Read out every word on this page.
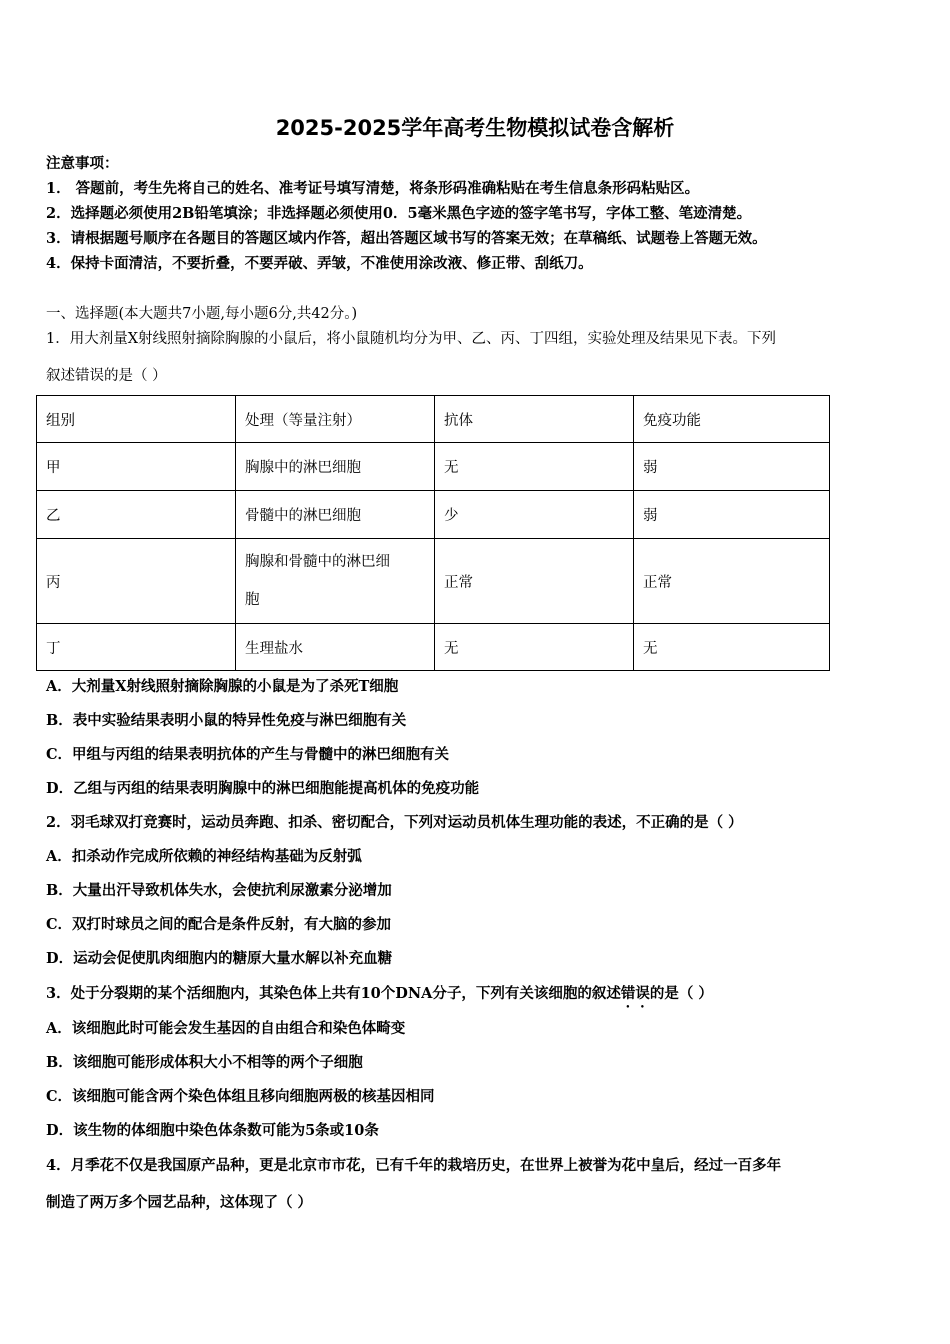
2025-2025学年高考生物模拟试卷含解析
注意事项：
1． 答题前，考生先将自己的姓名、准考证号填写清楚，将条形码准确粘贴在考生信息条形码粘贴区。
2．选择题必须使用2B铅笔填涂；非选择题必须使用0．5毫米黑色字迹的签字笔书写，字体工整、笔迹清楚。
3．请根据题号顺序在各题目的答题区域内作答，超出答题区域书写的答案无效；在草稿纸、试题卷上答题无效。
4．保持卡面清洁，不要折叠，不要弄破、弄皱，不准使用涂改液、修正带、刮纸刀。
一、选择题(本大题共7小题,每小题6分,共42分。)
1．用大剂量X射线照射摘除胸腺的小鼠后，将小鼠随机均分为甲、乙、丙、丁四组，实验处理及结果见下表。下列
叙述错误的是（ ）
组别	处理（等量注射）	抗体	免疫功能
甲	胸腺中的淋巴细胞	无	弱
乙	骨髓中的淋巴细胞	少	弱
丙	胸腺和骨髓中的淋巴细
胞	正常	正常
丁	生理盐水	无	无
A．大剂量X射线照射摘除胸腺的小鼠是为了杀死T细胞
B．表中实验结果表明小鼠的特异性免疫与淋巴细胞有关
C．甲组与丙组的结果表明抗体的产生与骨髓中的淋巴细胞有关
D．乙组与丙组的结果表明胸腺中的淋巴细胞能提高机体的免疫功能
2．羽毛球双打竞赛时，运动员奔跑、扣杀、密切配合，下列对运动员机体生理功能的表述，不正确的是（ ）
A．扣杀动作完成所依赖的神经结构基础为反射弧
B．大量出汗导致机体失水，会使抗利尿激素分泌增加
C．双打时球员之间的配合是条件反射，有大脑的参加
D．运动会促使肌肉细胞内的糖原大量水解以补充血糖
3．处于分裂期的某个活细胞内，其染色体上共有10个DNA分子，下列有关该细胞的叙述错误的是（ ）
A．该细胞此时可能会发生基因的自由组合和染色体畸变
B．该细胞可能形成体积大小不相等的两个子细胞
C．该细胞可能含两个染色体组且移向细胞两极的核基因相同
D．该生物的体细胞中染色体条数可能为5条或10条
4．月季花不仅是我国原产品种，更是北京市市花，已有千年的栽培历史，在世界上被誉为花中皇后，经过一百多年
制造了两万多个园艺品种，这体现了（ ）
